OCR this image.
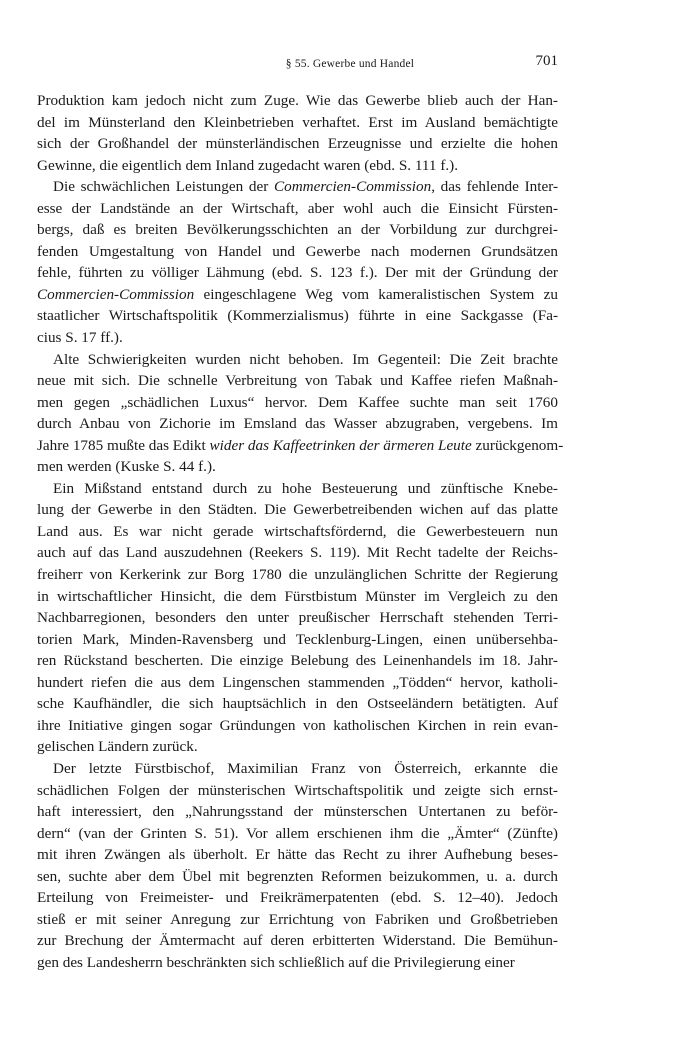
§ 55. Gewerbe und Handel	701
Produktion kam jedoch nicht zum Zuge. Wie das Gewerbe blieb auch der Han-
del im Münsterland den Kleinbetrieben verhaftet. Erst im Ausland bemächtigte
sich der Großhandel der münsterländischen Erzeugnisse und erzielte die hohen
Gewinne, die eigentlich dem Inland zugedacht waren (ebd. S. 111 f.).
Die schwächlichen Leistungen der Commercien-Commission, das fehlende Inter-
esse der Landstände an der Wirtschaft, aber wohl auch die Einsicht Fürsten-
bergs, daß es breiten Bevölkerungsschichten an der Vorbildung zur durchgrei-
fenden Umgestaltung von Handel und Gewerbe nach modernen Grundsätzen
fehle, führten zu völliger Lähmung (ebd. S. 123 f.). Der mit der Gründung der
Commercien-Commission eingeschlagene Weg vom kameralistischen System zu
staatlicher Wirtschaftspolitik (Kommerzialismus) führte in eine Sackgasse (Fa-
cius S. 17 ff.).
Alte Schwierigkeiten wurden nicht behoben. Im Gegenteil: Die Zeit brachte
neue mit sich. Die schnelle Verbreitung von Tabak und Kaffee riefen Maßnah-
men gegen „schädlichen Luxus“ hervor. Dem Kaffee suchte man seit 1760
durch Anbau von Zichorie im Emsland das Wasser abzugraben, vergebens. Im
Jahre 1785 mußte das Edikt wider das Kaffeetrinken der ärmeren Leute zurückgenom-
men werden (Kuske S. 44 f.).
Ein Mißstand entstand durch zu hohe Besteuerung und zünftische Knebe-
lung der Gewerbe in den Städten. Die Gewerbetreibenden wichen auf das platte
Land aus. Es war nicht gerade wirtschaftsfördernd, die Gewerbesteuern nun
auch auf das Land auszudehnen (Reekers S. 119). Mit Recht tadelte der Reichs-
freiherr von Kerkerink zur Borg 1780 die unzulänglichen Schritte der Regierung
in wirtschaftlicher Hinsicht, die dem Fürstbistum Münster im Vergleich zu den
Nachbarregionen, besonders den unter preußischer Herrschaft stehenden Terri-
torien Mark, Minden-Ravensberg und Tecklenburg-Lingen, einen unübersehba-
ren Rückstand bescherten. Die einzige Belebung des Leinenhandels im 18. Jahr-
hundert riefen die aus dem Lingenschen stammenden „Tödden“ hervor, katholi-
sche Kaufhändler, die sich hauptsächlich in den Ostseeländern betätigten. Auf
ihre Initiative gingen sogar Gründungen von katholischen Kirchen in rein evan-
gelischen Ländern zurück.
Der letzte Fürstbischof, Maximilian Franz von Österreich, erkannte die
schädlichen Folgen der münsterischen Wirtschaftspolitik und zeigte sich ernst-
haft interessiert, den „Nahrungsstand der münsterschen Untertanen zu beför-
dern“ (van der Grinten S. 51). Vor allem erschienen ihm die „Ämter“ (Zünfte)
mit ihren Zwängen als überholt. Er hätte das Recht zu ihrer Aufhebung beses-
sen, suchte aber dem Übel mit begrenzten Reformen beizukommen, u. a. durch
Erteilung von Freimeister- und Freikrämerpatenten (ebd. S. 12–40). Jedoch
stieß er mit seiner Anregung zur Errichtung von Fabriken und Großbetrieben
zur Brechung der Ämtermacht auf deren erbitterten Widerstand. Die Bemühun-
gen des Landesherrn beschränkten sich schließlich auf die Privilegierung einer
